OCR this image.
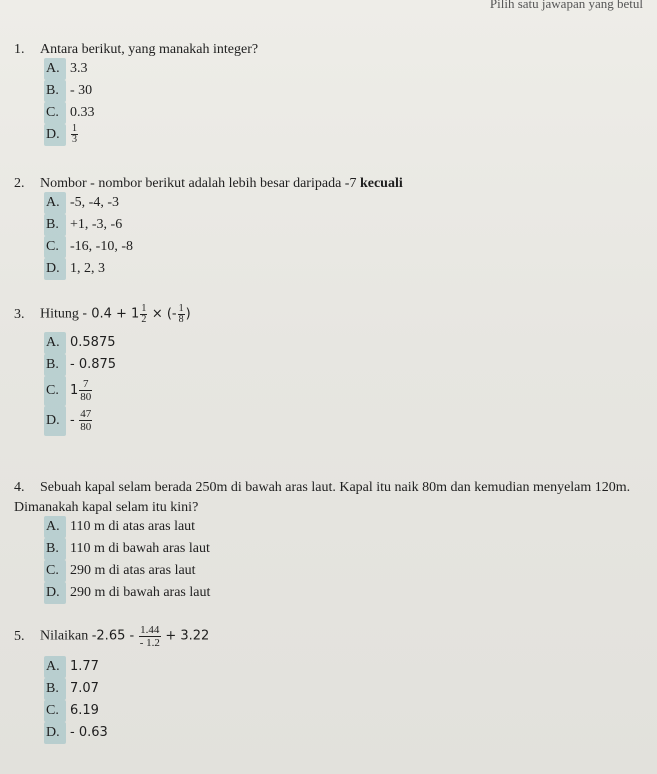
Pilih satu jawapan yang betul
1. Antara berikut, yang manakah integer?
A. 3.3
B. - 30
C. 0.33
D. $\frac{1}{3}$
2. Nombor - nombor berikut adalah lebih besar daripada -7 kecuali
A. -5, -4, -3
B. +1, -3, -6
C. -16, -10, -8
D. 1, 2, 3
3. Hitung - $0.4 + 1 \frac{1}{2}$ × (- $\frac{1}{8}$ )
A. 0.5875
B. - 0.875
C. $1 \frac{7}{80}$
D. - $\frac{47}{80}$
4. Sebuah kapal selam berada 250m di bawah aras laut. Kapal itu naik 80m dan kemudian menyelam 120m. Dimanakah kapal selam itu kini?
A. 110 m di atas aras laut
B. 110 m di bawah aras laut
C. 290 m di atas aras laut
D. 290 m di bawah aras laut
5. Nilaikan $-2.65 - \frac{1.44}{- 1.2} + 3.22$
A. 1.77
B. 7.07
C. 6.19
D. - 0.63
